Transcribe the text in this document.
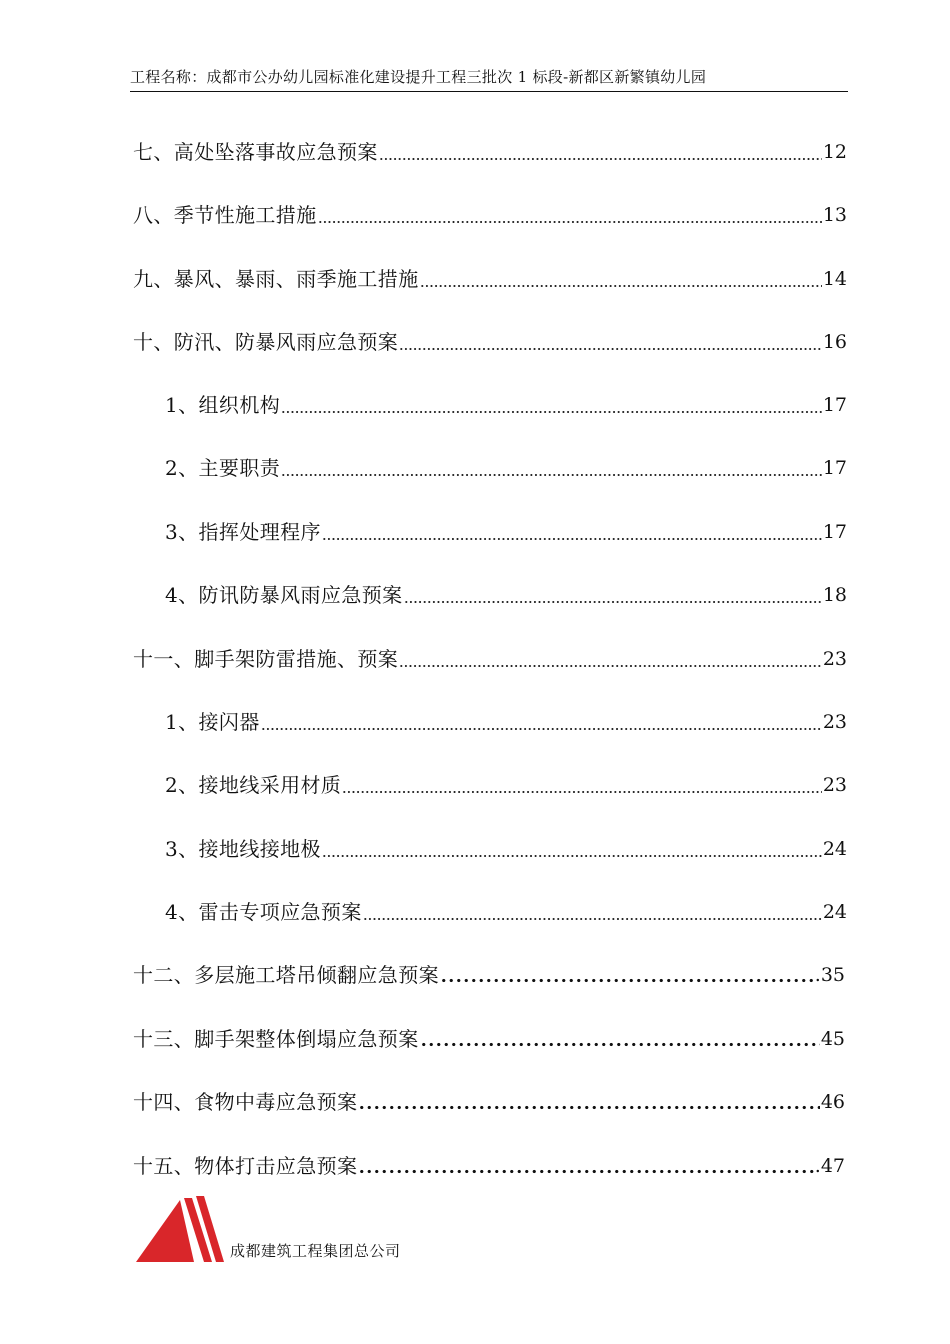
工程名称：成都市公办幼儿园标准化建设提升工程三批次 1 标段-新都区新繁镇幼儿园
七、高处坠落事故应急预案	12
八、季节性施工措施	13
九、暴风、暴雨、雨季施工措施	14
十、防汛、防暴风雨应急预案	16
1、组织机构	17
2、主要职责	17
3、指挥处理程序	17
4、防讯防暴风雨应急预案	18
十一、脚手架防雷措施、预案	23
1、接闪器	23
2、接地线采用材质	23
3、接地线接地极	24
4、雷击专项应急预案	24
十二、多层施工塔吊倾翻应急预案	.35
十三、脚手架整体倒塌应急预案	45
十四、食物中毒应急预案	46
十五、物体打击应急预案	.47
成都建筑工程集团总公司
